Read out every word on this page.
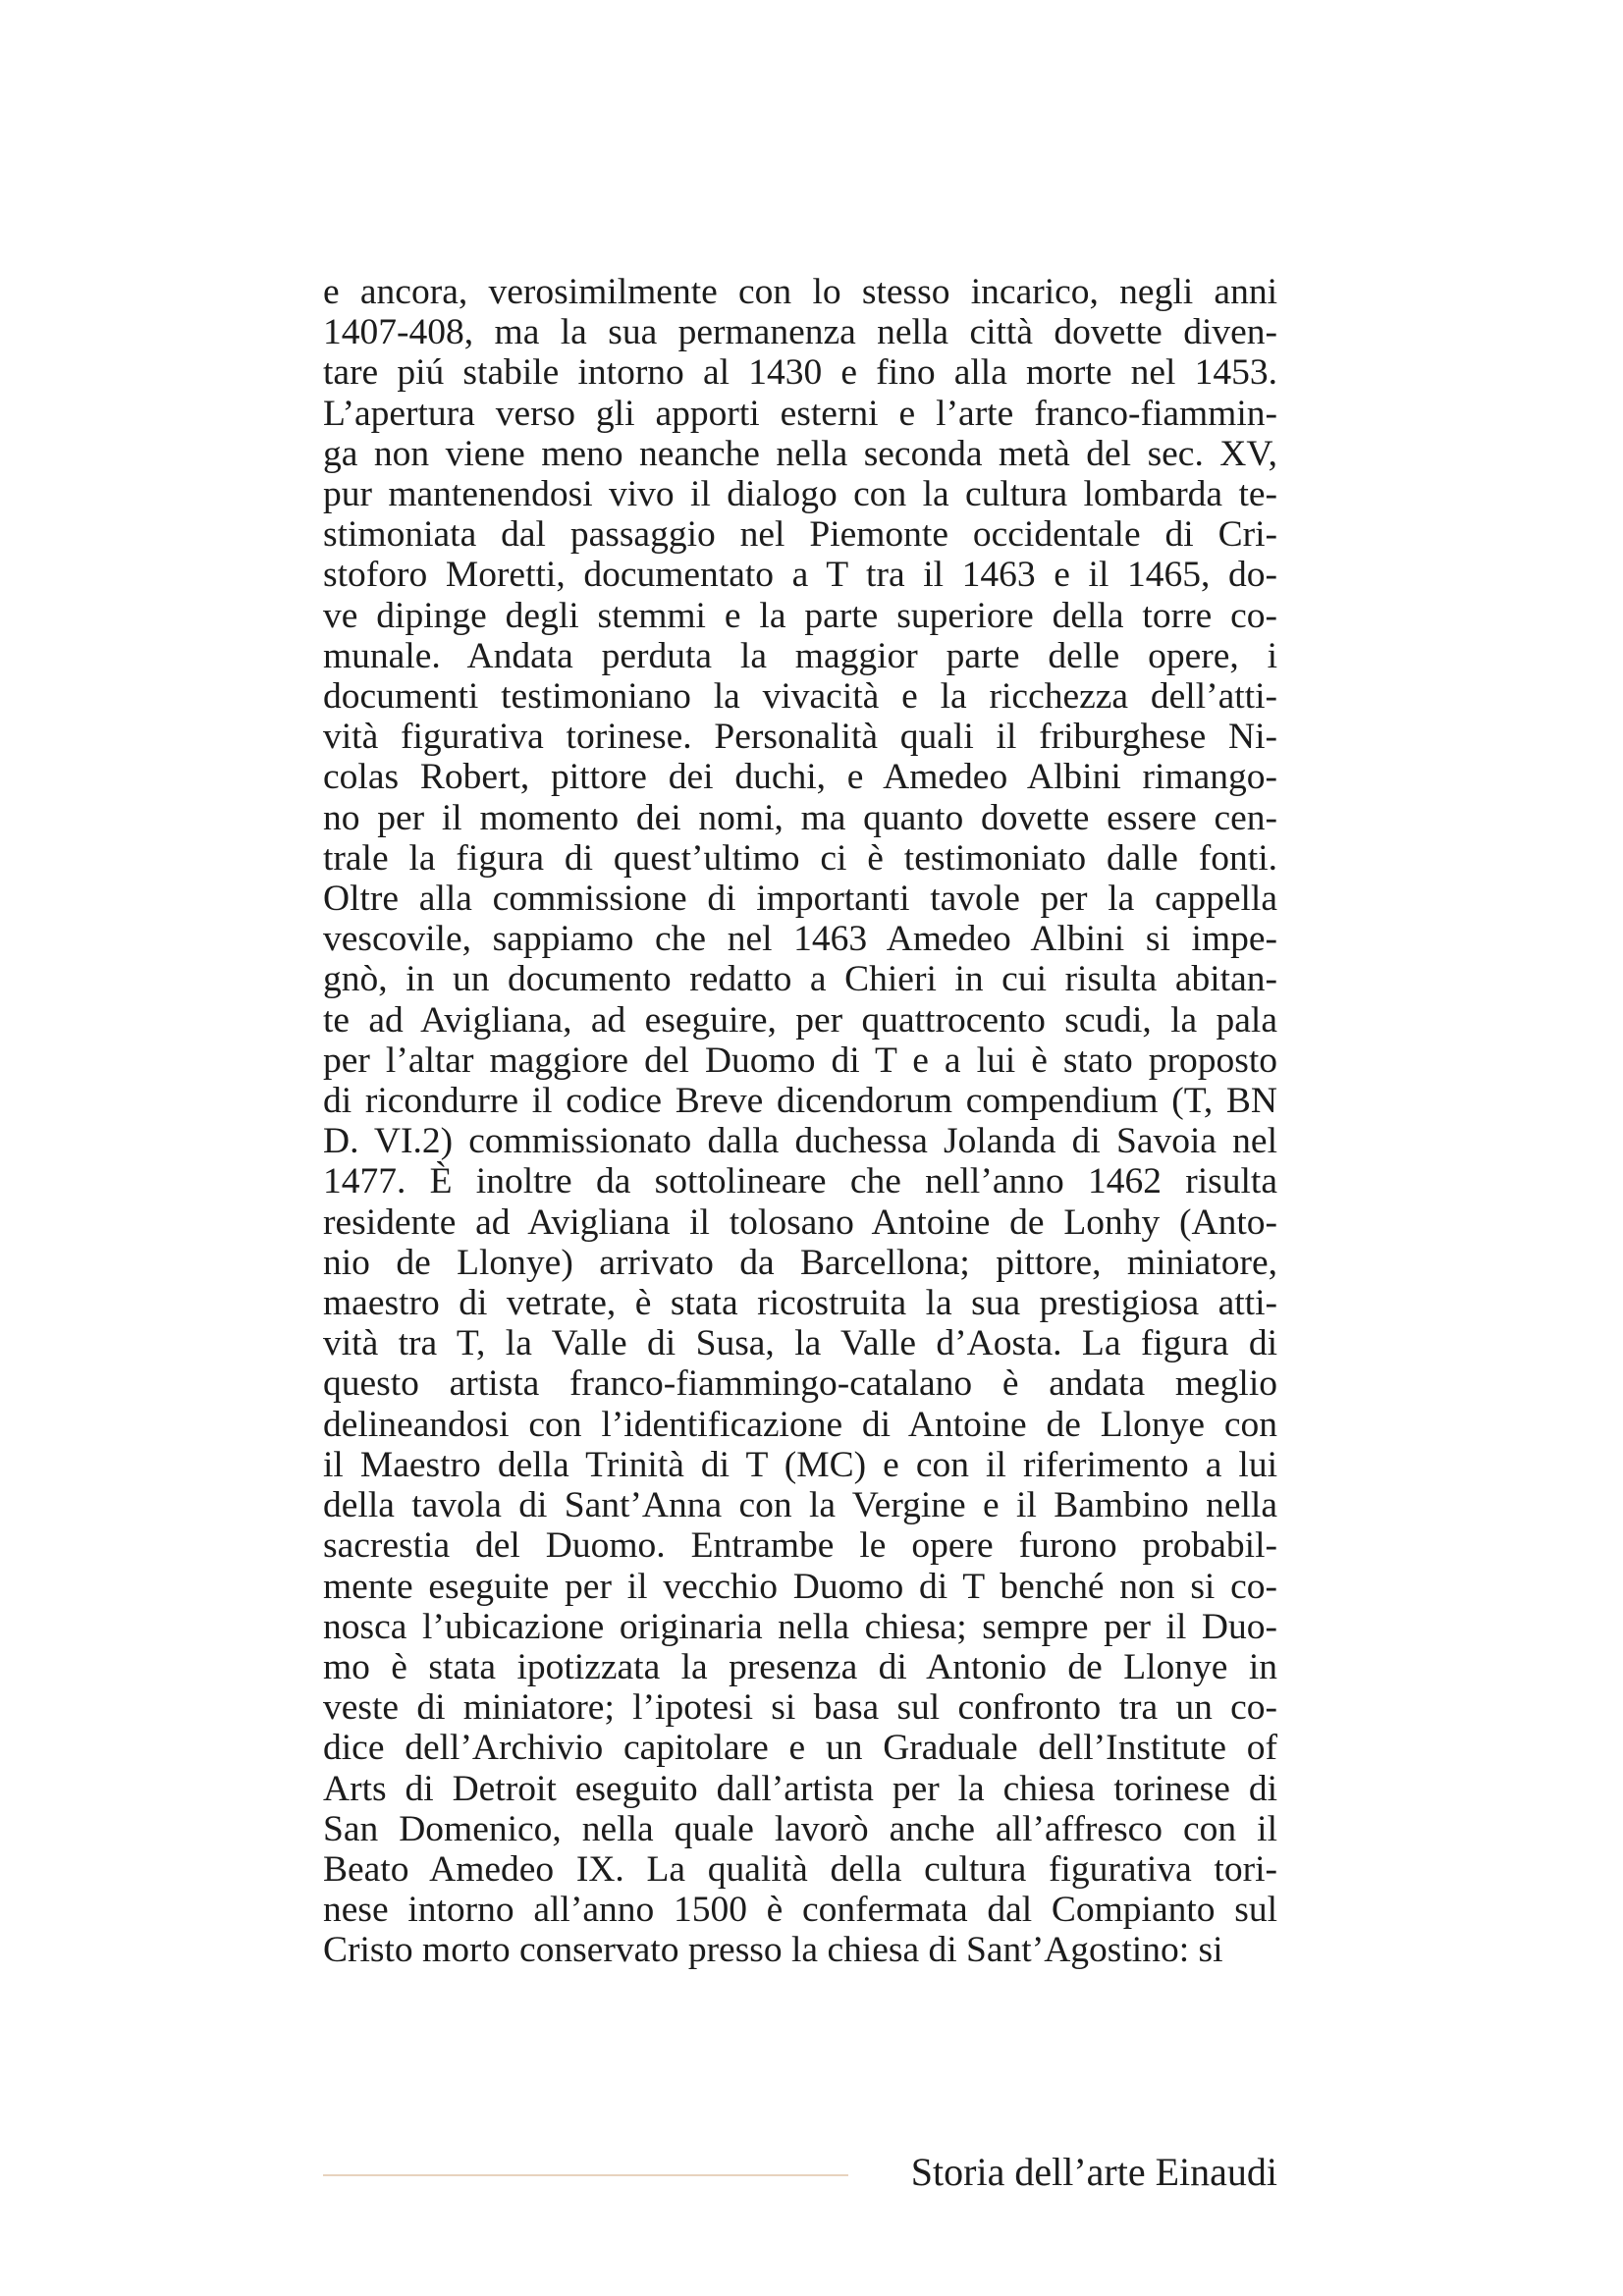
e ancora, verosimilmente con lo stesso incarico, negli anni
1407-408, ma la sua permanenza nella città dovette diven-
tare piú stabile intorno al 1430 e fino alla morte nel 1453.
L’apertura verso gli apporti esterni e l’arte franco-fiammin-
ga non viene meno neanche nella seconda metà del sec. XV,
pur mantenendosi vivo il dialogo con la cultura lombarda te-
stimoniata dal passaggio nel Piemonte occidentale di Cri-
stoforo Moretti, documentato a T tra il 1463 e il 1465, do-
ve dipinge degli stemmi e la parte superiore della torre co-
munale. Andata perduta la maggior parte delle opere, i
documenti testimoniano la vivacità e la ricchezza dell’atti-
vità figurativa torinese. Personalità quali il friburghese Ni-
colas Robert, pittore dei duchi, e Amedeo Albini rimango-
no per il momento dei nomi, ma quanto dovette essere cen-
trale la figura di quest’ultimo ci è testimoniato dalle fonti.
Oltre alla commissione di importanti tavole per la cappella
vescovile, sappiamo che nel 1463 Amedeo Albini si impe-
gnò, in un documento redatto a Chieri in cui risulta abitan-
te ad Avigliana, ad eseguire, per quattrocento scudi, la pala
per l’altar maggiore del Duomo di T e a lui è stato proposto
di ricondurre il codice Breve dicendorum compendium (T, BN
D. VI.2) commissionato dalla duchessa Jolanda di Savoia nel
1477. È inoltre da sottolineare che nell’anno 1462 risulta
residente ad Avigliana il tolosano Antoine de Lonhy (Anto-
nio de Llonye) arrivato da Barcellona; pittore, miniatore,
maestro di vetrate, è stata ricostruita la sua prestigiosa atti-
vità tra T, la Valle di Susa, la Valle d’Aosta. La figura di
questo artista franco-fiammingo-catalano è andata meglio
delineandosi con l’identificazione di Antoine de Llonye con
il Maestro della Trinità di T (MC) e con il riferimento a lui
della tavola di Sant’Anna con la Vergine e il Bambino nella
sacrestia del Duomo. Entrambe le opere furono probabil-
mente eseguite per il vecchio Duomo di T benché non si co-
nosca l’ubicazione originaria nella chiesa; sempre per il Duo-
mo è stata ipotizzata la presenza di Antonio de Llonye in
veste di miniatore; l’ipotesi si basa sul confronto tra un co-
dice dell’Archivio capitolare e un Graduale dell’Institute of
Arts di Detroit eseguito dall’artista per la chiesa torinese di
San Domenico, nella quale lavorò anche all’affresco con il
Beato Amedeo IX. La qualità della cultura figurativa tori-
nese intorno all’anno 1500 è confermata dal Compianto sul
Cristo morto conservato presso la chiesa di Sant’Agostino: si
Storia dell’arte Einaudi
